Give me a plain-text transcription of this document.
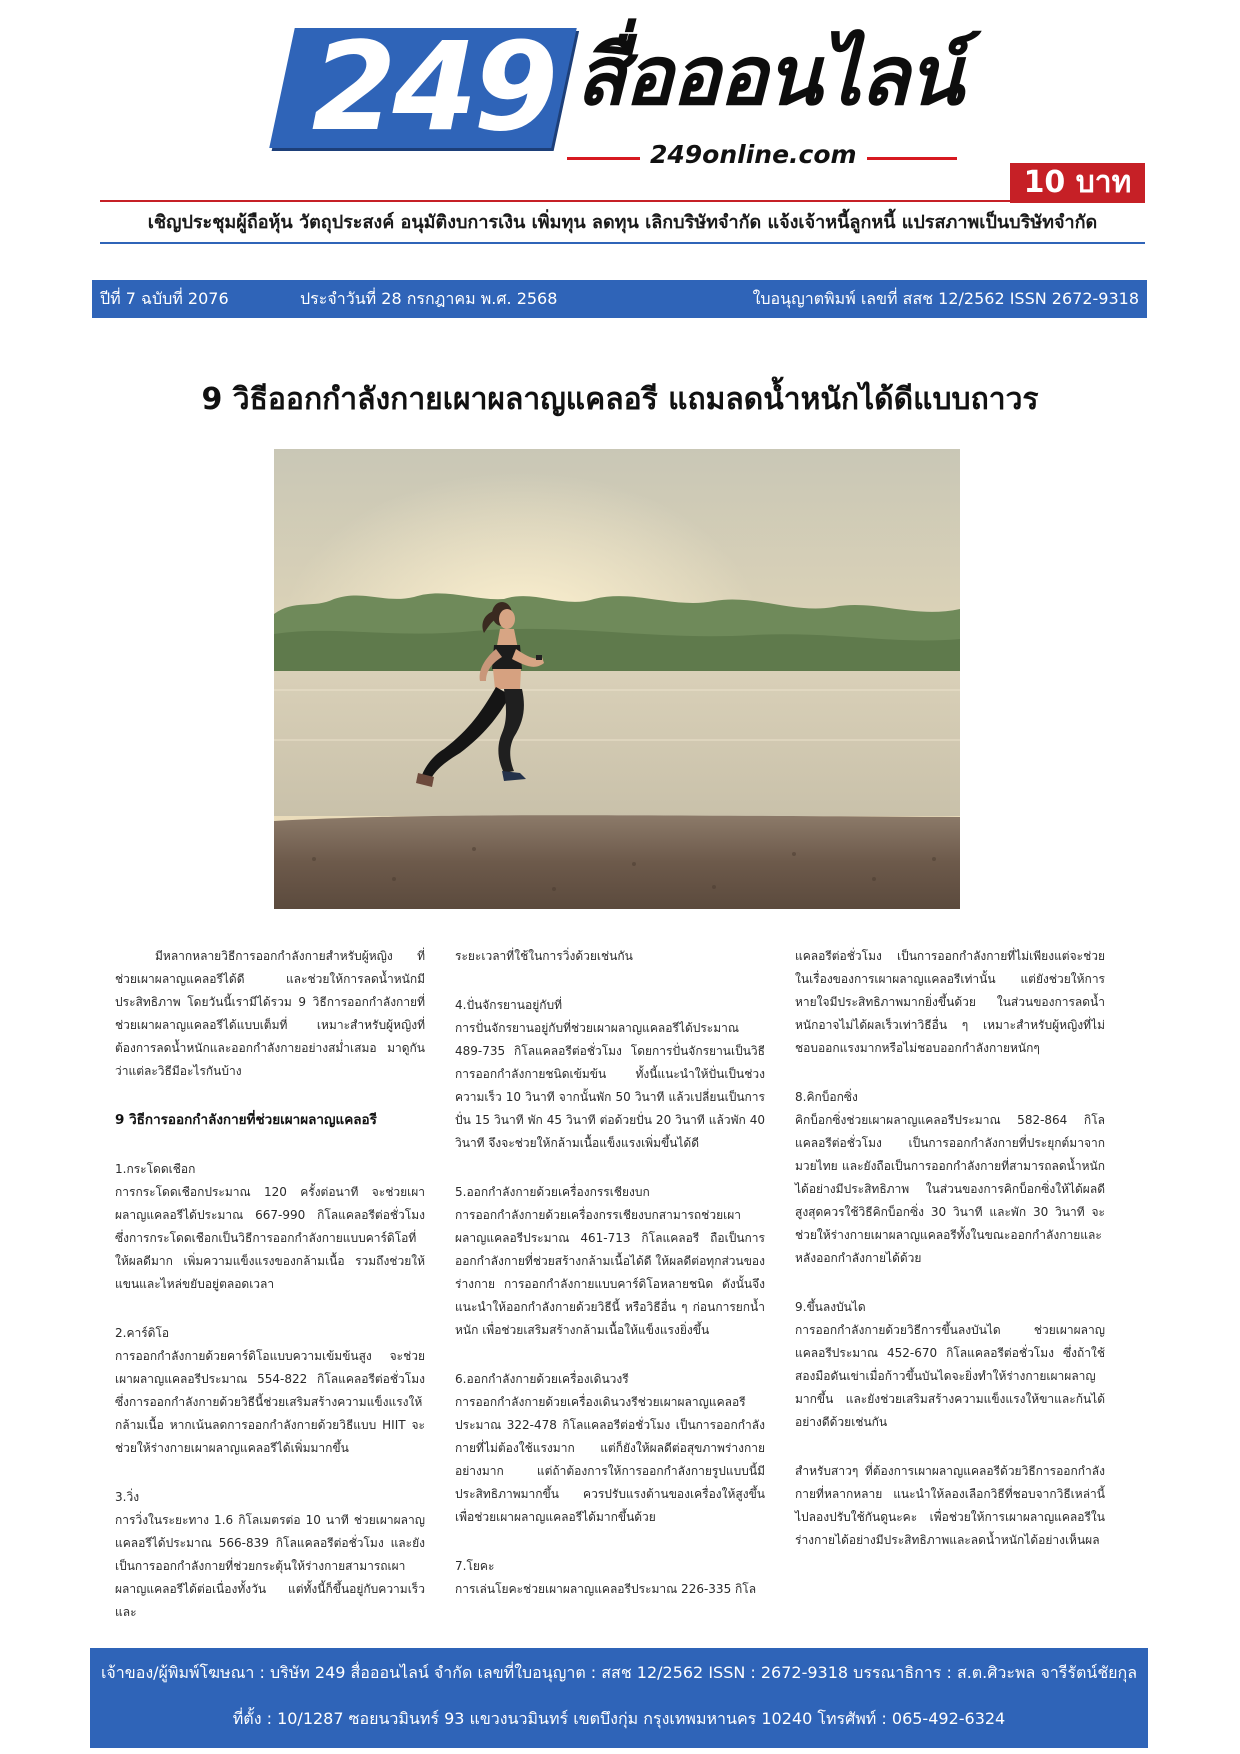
249 สื่อออนไลน์
249online.com
10 บาท
เชิญประชุมผู้ถือหุ้น วัตถุประสงค์ อนุมัติงบการเงิน เพิ่มทุน ลดทุน เลิกบริษัทจำกัด แจ้งเจ้าหนี้ลูกหนี้ แปรสภาพเป็นบริษัทจำกัด
ปีที่ 7 ฉบับที่ 2076	ประจำวันที่ 28 กรกฎาคม พ.ศ. 2568	ใบอนุญาตพิมพ์ เลขที่ สสช 12/2562 ISSN 2672-9318
9 วิธีออกกำลังกายเผาผลาญแคลอรี แถมลดน้ำหนักได้ดีแบบถาวร

มีหลากหลายวิธีการออกกำลังกายสำหรับผู้หญิง ที่ช่วยเผาผลาญแคลอรีได้ดี และช่วยให้การลดน้ำหนักมีประสิทธิภาพ โดยวันนี้เรามีได้รวม 9 วิธีการออกกำลังกายที่ช่วยเผาผลาญแคลอรีได้แบบเต็มที่ เหมาะสำหรับผู้หญิงที่ต้องการลดน้ำหนักและออกกำลังกายอย่างสม่ำเสมอ มาดูกันว่าแต่ละวิธีมีอะไรกันบ้าง

9 วิธีการออกกำลังกายที่ช่วยเผาผลาญแคลอรี

1.กระโดดเชือก
การกระโดดเชือกประมาณ 120 ครั้งต่อนาที จะช่วยเผาผลาญแคลอรีได้ประมาณ 667-990 กิโลแคลอรีต่อชั่วโมง ซึ่งการกระโดดเชือกเป็นวิธีการออกกำลังกายแบบคาร์ดิโอที่ให้ผลดีมาก เพิ่มความแข็งแรงของกล้ามเนื้อ รวมถึงช่วยให้แขนและไหล่ขยับอยู่ตลอดเวลา

2.คาร์ดิโอ
การออกกำลังกายด้วยคาร์ดิโอแบบความเข้มข้นสูง จะช่วยเผาผลาญแคลอรีประมาณ 554-822 กิโลแคลอรีต่อชั่วโมง ซึ่งการออกกำลังกายด้วยวิธีนี้ช่วยเสริมสร้างความแข็งแรงให้กล้ามเนื้อ หากเน้นลดการออกกำลังกายด้วยวิธีแบบ HIIT จะช่วยให้ร่างกายเผาผลาญแคลอรีได้เพิ่มมากขึ้น

3.วิ่ง
การวิ่งในระยะทาง 1.6 กิโลเมตรต่อ 10 นาที ช่วยเผาผลาญแคลอรีได้ประมาณ 566-839 กิโลแคลอรีต่อชั่วโมง และยังเป็นการออกกำลังกายที่ช่วยกระตุ้นให้ร่างกายสามารถเผาผลาญแคลอรีได้ต่อเนื่องทั้งวัน แต่ทั้งนี้ก็ขึ้นอยู่กับความเร็วและ

ระยะเวลาที่ใช้ในการวิ่งด้วยเช่นกัน

4.ปั่นจักรยานอยู่กับที่
การปั่นจักรยานอยู่กับที่ช่วยเผาผลาญแคลอรีได้ประมาณ 489-735 กิโลแคลอรีต่อชั่วโมง โดยการปั่นจักรยานเป็นวิธีการออกกำลังกายชนิดเข้มข้น ทั้งนี้แนะนำให้ปั่นเป็นช่วงความเร็ว 10 วินาที จากนั้นพัก 50 วินาที แล้วเปลี่ยนเป็นการปั่น 15 วินาที พัก 45 วินาที ต่อด้วยปั่น 20 วินาที แล้วพัก 40 วินาที จึงจะช่วยให้กล้ามเนื้อแข็งแรงเพิ่มขึ้นได้ดี

5.ออกกำลังกายด้วยเครื่องกรรเชียงบก
การออกกำลังกายด้วยเครื่องกรรเชียงบกสามารถช่วยเผาผลาญแคลอรีประมาณ 461-713 กิโลแคลอรี ถือเป็นการออกกำลังกายที่ช่วยสร้างกล้ามเนื้อได้ดี ให้ผลดีต่อทุกส่วนของร่างกาย การออกกำลังกายแบบคาร์ดิโอหลายชนิด ดังนั้นจึงแนะนำให้ออกกำลังกายด้วยวิธีนี้ หรือวิธีอื่น ๆ ก่อนการยกน้ำหนัก เพื่อช่วยเสริมสร้างกล้ามเนื้อให้แข็งแรงยิ่งขึ้น

6.ออกกำลังกายด้วยเครื่องเดินวงรี
การออกกำลังกายด้วยเครื่องเดินวงรีช่วยเผาผลาญแคลอรีประมาณ 322-478 กิโลแคลอรีต่อชั่วโมง เป็นการออกกำลังกายที่ไม่ต้องใช้แรงมาก แต่ก็ยังให้ผลดีต่อสุขภาพร่างกายอย่างมาก แต่ถ้าต้องการให้การออกกำลังกายรูปแบบนี้มีประสิทธิภาพมากขึ้น ควรปรับแรงต้านของเครื่องให้สูงขึ้น เพื่อช่วยเผาผลาญแคลอรีได้มากขึ้นด้วย

7.โยคะ
การเล่นโยคะช่วยเผาผลาญแคลอรีประมาณ 226-335 กิโล

แคลอรีต่อชั่วโมง เป็นการออกกำลังกายที่ไม่เพียงแต่จะช่วยในเรื่องของการเผาผลาญแคลอรีเท่านั้น แต่ยังช่วยให้การหายใจมีประสิทธิภาพมากยิ่งขึ้นด้วย ในส่วนของการลดน้ำหนักอาจไม่ได้ผลเร็วเท่าวิธีอื่น ๆ เหมาะสำหรับผู้หญิงที่ไม่ชอบออกแรงมากหรือไม่ชอบออกกำลังกายหนักๆ

8.คิกบ็อกซิ่ง
คิกบ็อกซิ่งช่วยเผาผลาญแคลอรีประมาณ 582-864 กิโลแคลอรีต่อชั่วโมง เป็นการออกกำลังกายที่ประยุกต์มาจากมวยไทย และยังถือเป็นการออกกำลังกายที่สามารถลดน้ำหนักได้อย่างมีประสิทธิภาพ ในส่วนของการคิกบ็อกซิ่งให้ได้ผลดีสูงสุดควรใช้วิธีคิกบ็อกซิ่ง 30 วินาที และพัก 30 วินาที จะช่วยให้ร่างกายเผาผลาญแคลอรีทั้งในขณะออกกำลังกายและหลังออกกำลังกายได้ด้วย

9.ขึ้นลงบันได
การออกกำลังกายด้วยวิธีการขึ้นลงบันได ช่วยเผาผลาญแคลอรีประมาณ 452-670 กิโลแคลอรีต่อชั่วโมง ซึ่งถ้าใช้สองมือดันเข่าเมื่อก้าวขึ้นบันไดจะยิ่งทำให้ร่างกายเผาผลาญมากขึ้น และยังช่วยเสริมสร้างความแข็งแรงให้ขาและก้นได้อย่างดีด้วยเช่นกัน

สำหรับสาวๆ ที่ต้องการเผาผลาญแคลอรีด้วยวิธีการออกกำลังกายที่หลากหลาย แนะนำให้ลองเลือกวิธีที่ชอบจากวิธีเหล่านี้ไปลองปรับใช้กันดูนะคะ เพื่อช่วยให้การเผาผลาญแคลอรีในร่างกายได้อย่างมีประสิทธิภาพและลดน้ำหนักได้อย่างเห็นผล

เจ้าของ/ผู้พิมพ์โฆษณา : บริษัท 249 สื่อออนไลน์ จำกัด เลขที่ใบอนุญาต : สสช 12/2562 ISSN : 2672-9318 บรรณาธิการ : ส.ต.ศิวะพล จารีรัตน์ชัยกุล
ที่ตั้ง : 10/1287 ซอยนวมินทร์ 93 แขวงนวมินทร์ เขตบึงกุ่ม กรุงเทพมหานคร 10240 โทรศัพท์ : 065-492-6324
